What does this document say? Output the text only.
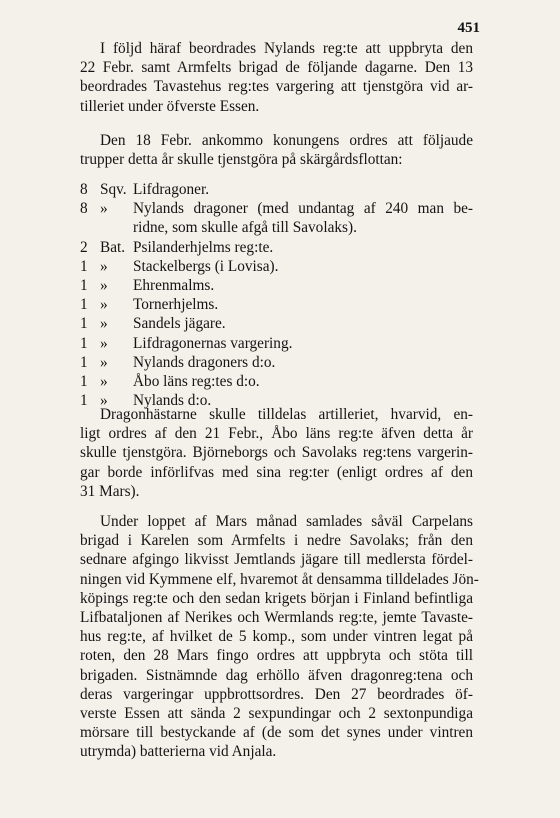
451
I följd häraf beordrades Nylands reg:te att uppbryta den
22 Febr. samt Armfelts brigad de följande dagarne. Den 13
beordrades Tavastehus reg:tes vargering att tjenstgöra vid ar-
tilleriet under öfverste Essen.
Den 18 Febr. ankommo konungens ordres att följaude
trupper detta år skulle tjenstgöra på skärgårdsflottan:
8 Sqv. Lifdragoner.
8 »	Nylands dragoner (med undantag af 240 man be-
ridne, som skulle afgå till Savolaks).
2 Bat. Psilanderhjelms reg:te.
1 »	Stackelbergs (i Lovisa).
1 »	Ehrenmalms.
1 »	Tornerhjelms.
1 »	Sandels jägare.
1 »	Lifdragonernas vargering.
1 »	Nylands dragoners d:o.
1 »	Åbo läns reg:tes d:o.
1 »	Nylands d:o.
Dragonhästarne skulle tilldelas artilleriet, hvarvid, en-
ligt ordres af den 21 Febr., Åbo läns reg:te äfven detta år
skulle tjenstgöra. Björneborgs och Savolaks reg:tens vargerin-
gar borde införlifvas med sina reg:ter (enligt ordres af den
31 Mars).
Under loppet af Mars månad samlades såväl Carpelans
brigad i Karelen som Armfelts i nedre Savolaks; från den
sednare afgingo likvisst Jemtlands jägare till medlersta fördel-
ningen vid Kymmene elf, hvaremot åt densamma tilldelades Jön-
köpings reg:te och den sedan krigets början i Finland befintliga
Lifbataljonen af Nerikes och Wermlands reg:te, jemte Tavaste-
hus reg:te, af hvilket de 5 komp., som under vintren legat på
roten, den 28 Mars fingo ordres att uppbryta och stöta till
brigaden. Sistnämnde dag erhöllo äfven dragonreg:tena och
deras vargeringar uppbrottsordres. Den 27 beordrades öf-
verste Essen att sända 2 sexpundingar och 2 sextonpundiga
mörsare till bestyckande af (de som det synes under vintren
utrymda) batterierna vid Anjala.
